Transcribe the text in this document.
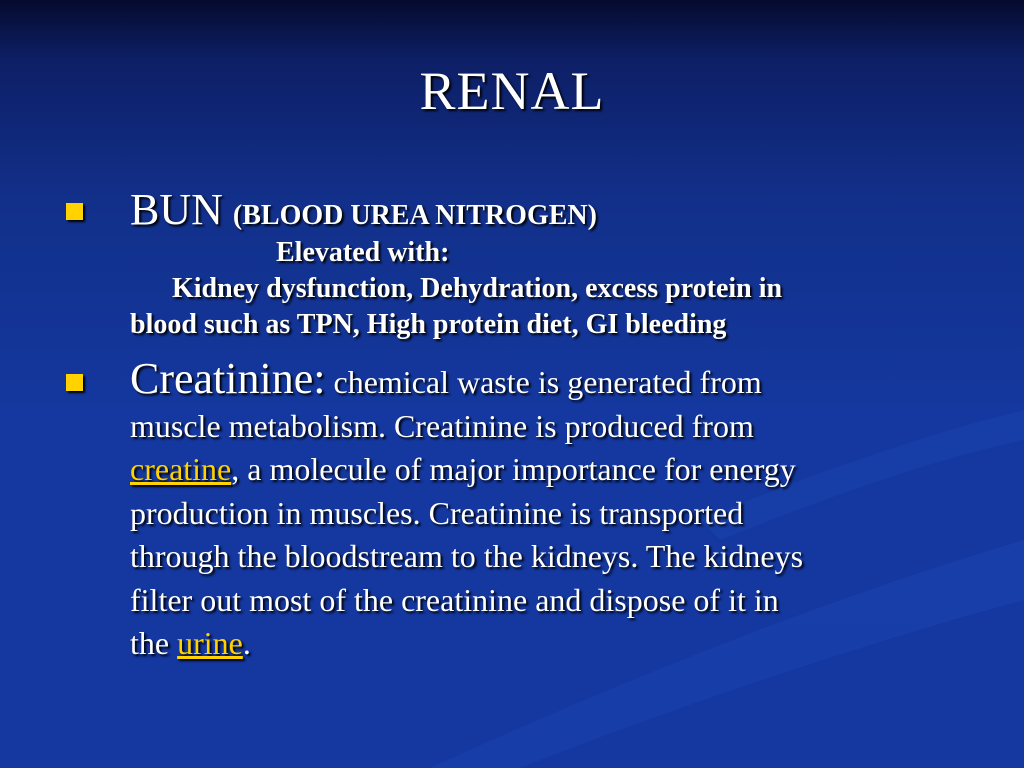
RENAL
BUN (BLOOD UREA NITROGEN)
Elevated with:
Kidney dysfunction, Dehydration, excess protein in
blood such as TPN, High protein diet, GI bleeding
Creatinine: chemical waste is generated from
muscle metabolism. Creatinine is produced from
creatine, a molecule of major importance for energy
production in muscles. Creatinine is transported
through the bloodstream to the kidneys. The kidneys
filter out most of the creatinine and dispose of it in
the urine.
